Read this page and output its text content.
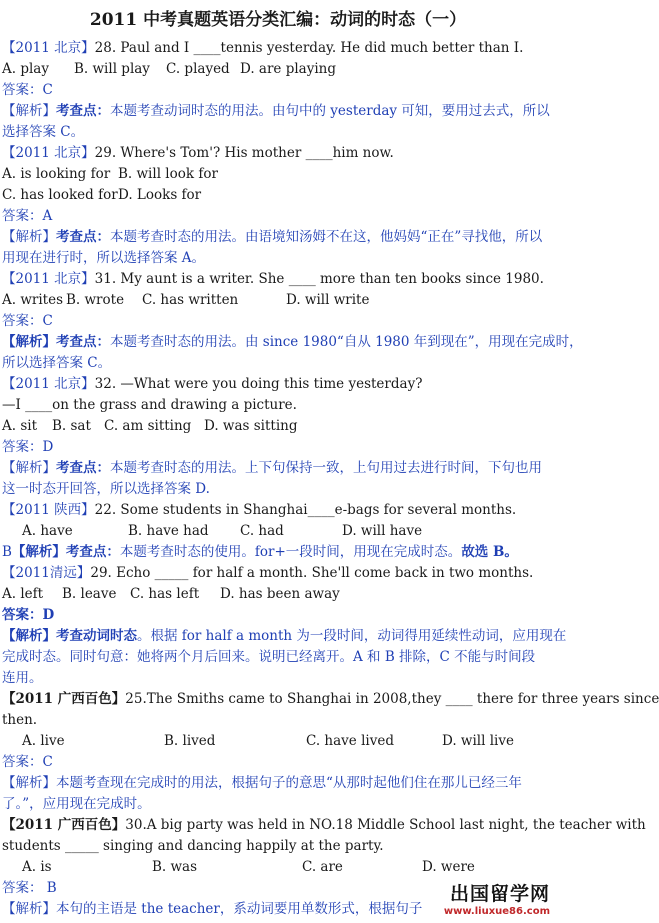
2011 中考真题英语分类汇编：动词的时态（一）
【2011 北京】28. Paul and I ____tennis yesterday. He did much better than I.
A. play B. will play C. played D. are playing
答案：C
【解析】考查点：本题考查动词时态的用法。由句中的 yesterday 可知，要用过去式，所以
选择答案 C。
【2011 北京】29. Where's Tom'? His mother ____him now.
A. is looking for B. will look for
C. has looked forD. Looks for
答案：A
【解析】考查点：本题考查时态的用法。由语境知汤姆不在这，他妈妈“正在”寻找他，所以
用现在进行时，所以选择答案 A。
【2011 北京】31. My aunt is a writer. She ____ more than ten books since 1980.
A. writes B. wrote C. has written	D. will write
答案：C
【解析】考查点：本题考查时态的用法。由 since 1980“自从 1980 年到现在”，用现在完成时，
所以选择答案 C。
【2011 北京】32. —What were you doing this time yesterday?
—I ____on the grass and drawing a picture.
A. sit B. sat C. am sitting D. was sitting
答案：D
【解析】考查点：本题考查时态的用法。上下句保持一致，上句用过去进行时间，下句也用
这一时态开回答，所以选择答案 D.
【2011 陕西】22. Some students in Shanghai____e-bags for several months.
A. have	B. have had C. had	D. will have
B【解析】考查点：本题考查时态的使用。for+一段时间，用现在完成时态。故选 B。
【2011清远】29. Echo _____ for half a month. She'll come back in two months.
A. left B. leave C. has left D. has been away
答案：D
【解析】考查动词时态。根据 for half a month 为一段时间，动词得用延续性动词，应用现在
完成时态。同时句意：她将两个月后回来。说明已经离开。A 和 B 排除，C 不能与时间段
连用。
【2011 广西百色】25.The Smiths came to Shanghai in 2008,they ____ there for three years since
then.
A. live	B. lived	C. have lived	D. will live
答案：C
【解析】本题考查现在完成时的用法，根据句子的意思“从那时起他们住在那儿已经三年
了。”，应用现在完成时。
【2011 广西百色】30.A big party was held in NO.18 Middle School last night, the teacher with
students _____ singing and dancing happily at the party.
A. is	B. was	C. are	D. were
答案： B
【解析】本句的主语是 the teacher，系动词要用单数形式，根据句子
出国留学网
www.liuxue86.com
